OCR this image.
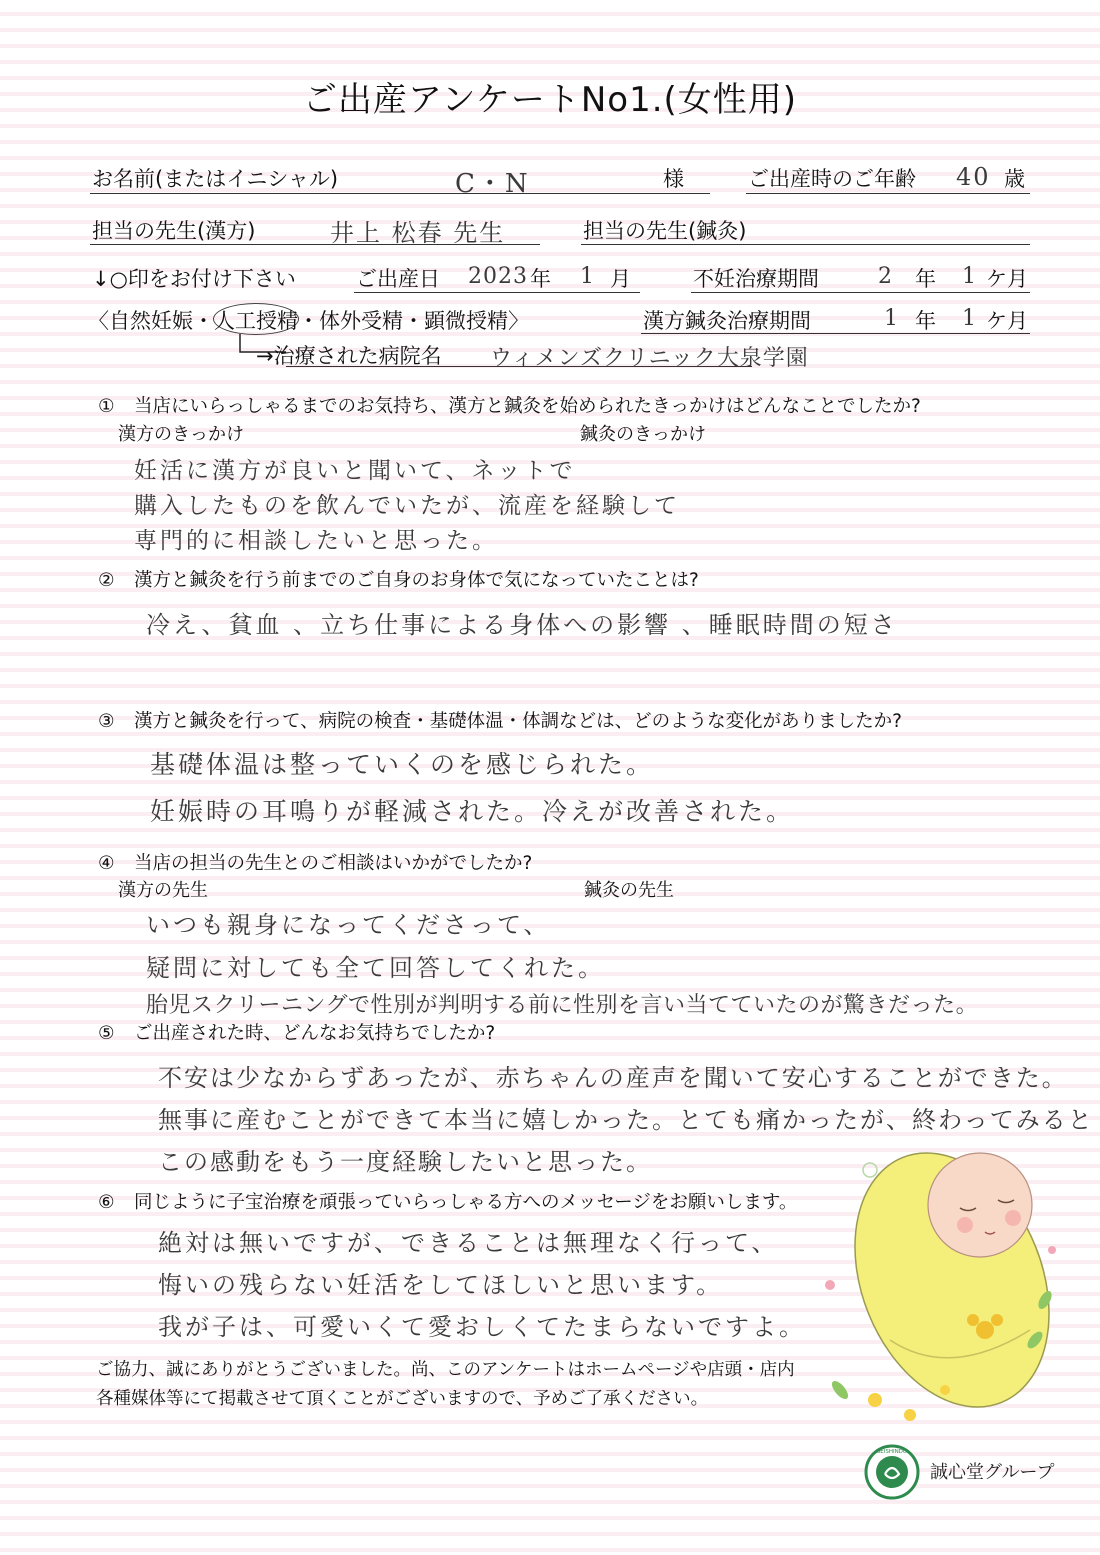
ご出産アンケートNo1.(女性用)
お名前(またはイニシャル)	C・N	様	ご出産時のご年齢 40 歳
担当の先生(漢方)	井上 松春 先生	担当の先生(鍼灸)
↓○印をお付け下さい	ご出産日 2023 年 1 月	不妊治療期間	2 年 1 ケ月
〈自然妊娠・人工授精・体外受精・顕微授精〉	漢方鍼灸治療期間	1 年 1 ケ月
→治療された病院名 ウィメンズクリニック大泉学園
① 当店にいらっしゃるまでのお気持ち、漢方と鍼灸を始められたきっかけはどんなことでしたか?
漢方のきっかけ	鍼灸のきっかけ
妊活に漢方が良いと聞いて、ネットで
購入したものを飲んでいたが、流産を経験して
専門的に相談したいと思った。
② 漢方と鍼灸を行う前までのご自身のお身体で気になっていたことは?
冷え、貧血 、立ち仕事による身体への影響 、睡眠時間の短さ
③ 漢方と鍼灸を行って、病院の検査・基礎体温・体調などは、どのような変化がありましたか?
基礎体温は整っていくのを感じられた。
妊娠時の耳鳴りが軽減された。冷えが改善された。
④ 当店の担当の先生とのご相談はいかがでしたか?
漢方の先生	鍼灸の先生
いつも親身になってくださって、
疑問に対しても全て回答してくれた。
胎児スクリーニングで性別が判明する前に性別を言い当てていたのが驚きだった。
⑤ ご出産された時、どんなお気持ちでしたか?
不安は少なからずあったが、赤ちゃんの産声を聞いて安心することができた。
無事に産むことができて本当に嬉しかった。とても痛かったが、終わってみると
この感動をもう一度経験したいと思った。
⑥ 同じように子宝治療を頑張っていらっしゃる方へのメッセージをお願いします。
絶対は無いですが、できることは無理なく行って、
悔いの残らない妊活をしてほしいと思います。
我が子は、可愛いくて愛おしくてたまらないですよ。
ご協力、誠にありがとうございました。尚、このアンケートはホームページや店頭・店内
各種媒体等にて掲載させて頂くことがございますので、予めご了承ください。
SEISHINDO
誠心堂グループ
